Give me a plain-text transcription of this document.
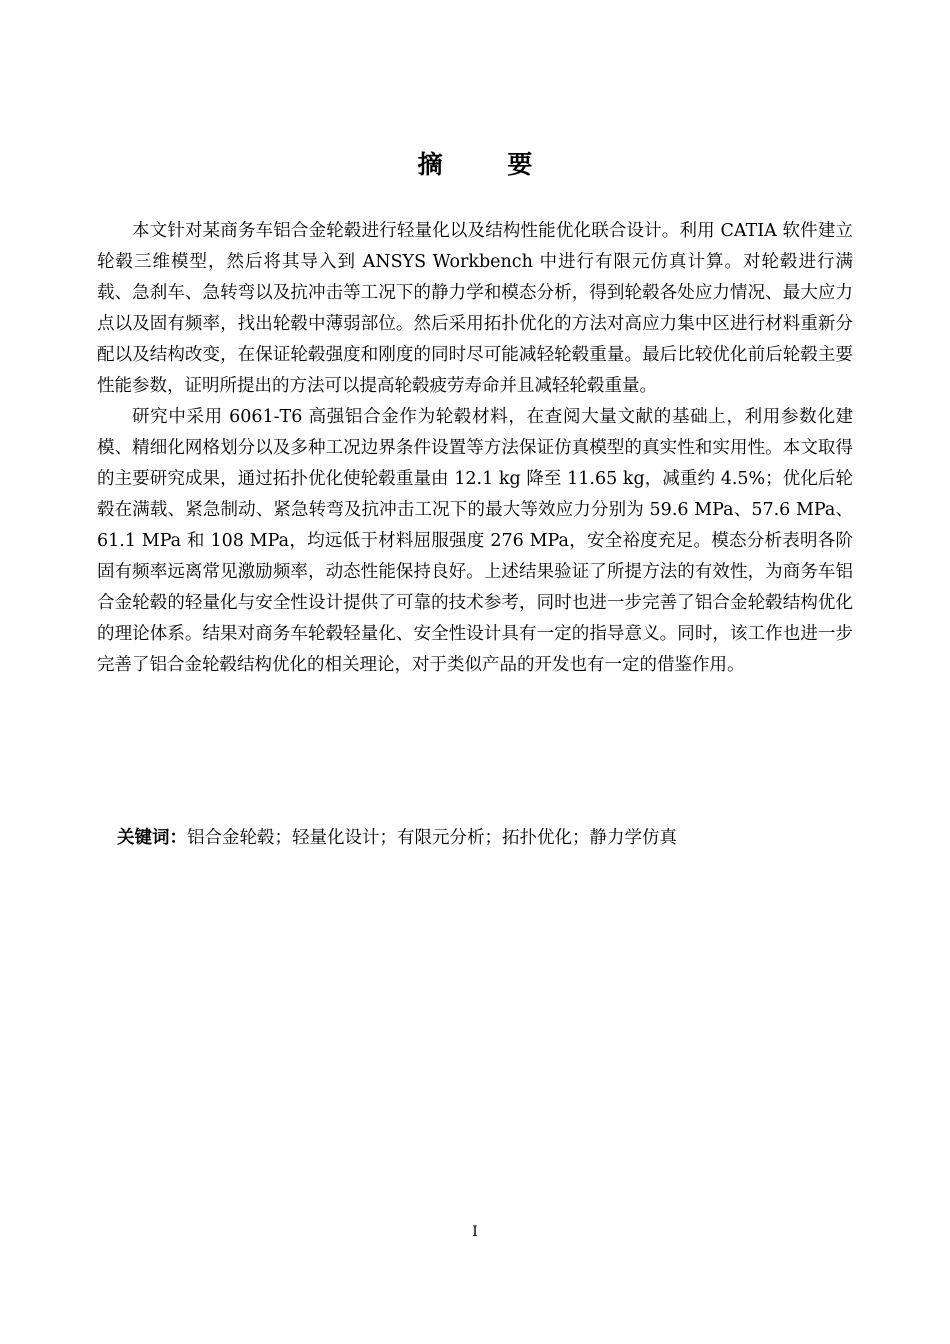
摘 要

本文针对某商务车铝合金轮毂进行轻量化以及结构性能优化联合设计。利用 CATIA 软件建立轮毂三维模型，然后将其导入到 ANSYS Workbench 中进行有限元仿真计算。对轮毂进行满载、急刹车、急转弯以及抗冲击等工况下的静力学和模态分析，得到轮毂各处应力情况、最大应力点以及固有频率，找出轮毂中薄弱部位。然后采用拓扑优化的方法对高应力集中区进行材料重新分配以及结构改变，在保证轮毂强度和刚度的同时尽可能减轻轮毂重量。最后比较优化前后轮毂主要性能参数，证明所提出的方法可以提高轮毂疲劳寿命并且减轻轮毂重量。

研究中采用 6061-T6 高强铝合金作为轮毂材料，在查阅大量文献的基础上，利用参数化建模、精细化网格划分以及多种工况边界条件设置等方法保证仿真模型的真实性和实用性。本文取得的主要研究成果，通过拓扑优化使轮毂重量由 12.1 kg 降至 11.65 kg，减重约 4.5%；优化后轮毂在满载、紧急制动、紧急转弯及抗冲击工况下的最大等效应力分别为 59.6 MPa、57.6 MPa、61.1 MPa 和 108 MPa，均远低于材料屈服强度 276 MPa，安全裕度充足。模态分析表明各阶固有频率远离常见激励频率，动态性能保持良好。上述结果验证了所提方法的有效性，为商务车铝合金轮毂的轻量化与安全性设计提供了可靠的技术参考，同时也进一步完善了铝合金轮毂结构优化的理论体系。结果对商务车轮毂轻量化、安全性设计具有一定的指导意义。同时，该工作也进一步完善了铝合金轮毂结构优化的相关理论，对于类似产品的开发也有一定的借鉴作用。

关键词：铝合金轮毂；轻量化设计；有限元分析；拓扑优化；静力学仿真
I
